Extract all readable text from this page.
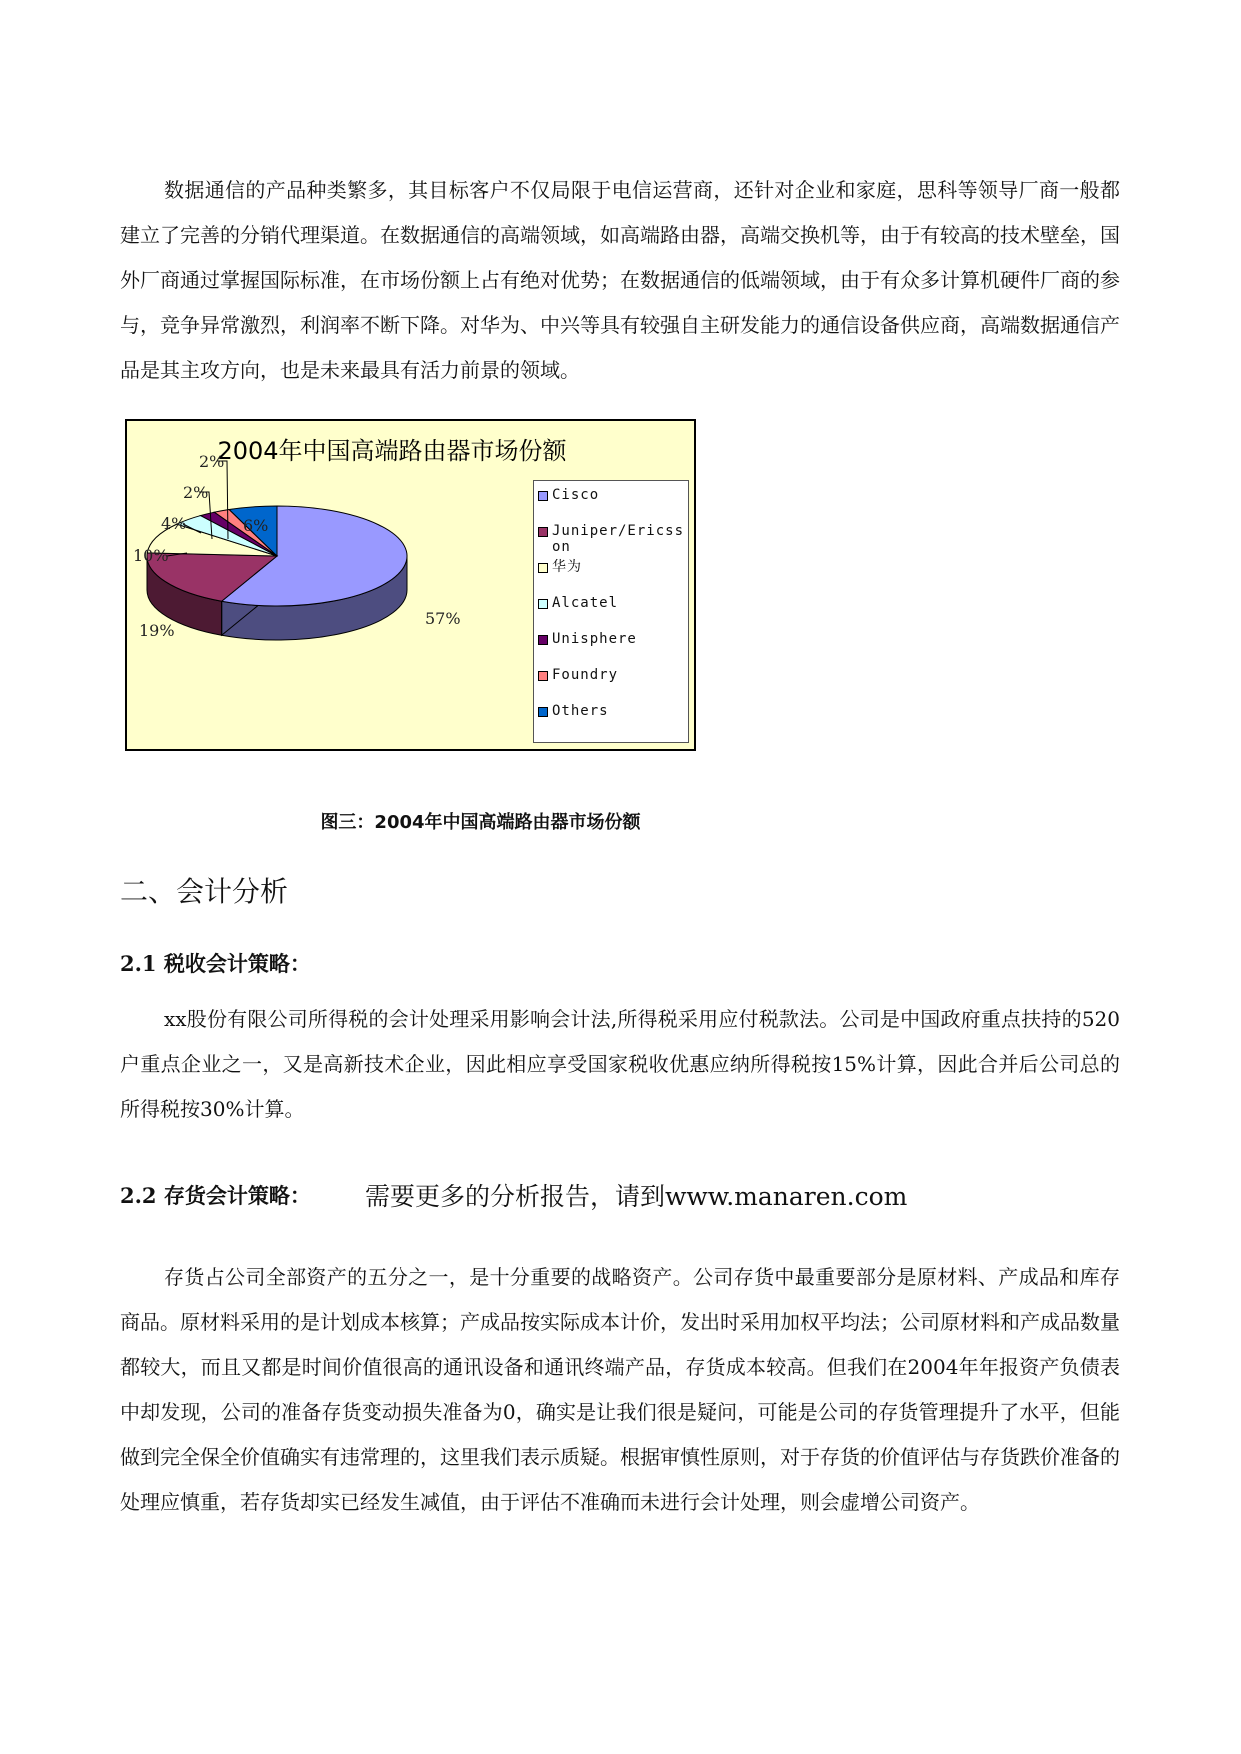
数据通信的产品种类繁多，其目标客户不仅局限于电信运营商，还针对企业和家庭，思科等领导厂商一般都建立了完善的分销代理渠道。在数据通信的高端领域，如高端路由器，高端交换机等，由于有较高的技术壁垒，国外厂商通过掌握国际标准，在市场份额上占有绝对优势；在数据通信的低端领域，由于有众多计算机硬件厂商的参与，竞争异常激烈，利润率不断下降。对华为、中兴等具有较强自主研发能力的通信设备供应商，高端数据通信产品是其主攻方向，也是未来最具有活力前景的领域。

2004年中国高端路由器市场份额
57%
19%
10%
4%
2%
2%
6%
Cisco
Juniper/Ericsson
华为
Alcatel
Unisphere
Foundry
Others
图三：2004年中国高端路由器市场份额
二、会计分析
2.1 税收会计策略：

xx股份有限公司所得税的会计处理采用影响会计法,所得税采用应付税款法。公司是中国政府重点扶持的520户重点企业之一，又是高新技术企业，因此相应享受国家税收优惠应纳所得税按15%计算，因此合并后公司总的所得税按30%计算。

2.2 存货会计策略： 需要更多的分析报告，请到www.manaren.com

存货占公司全部资产的五分之一，是十分重要的战略资产。公司存货中最重要部分是原材料、产成品和库存商品。原材料采用的是计划成本核算；产成品按实际成本计价，发出时采用加权平均法；公司原材料和产成品数量都较大，而且又都是时间价值很高的通讯设备和通讯终端产品，存货成本较高。但我们在2004年年报资产负债表中却发现，公司的准备存货变动损失准备为0，确实是让我们很是疑问，可能是公司的存货管理提升了水平，但能做到完全保全价值确实有违常理的，这里我们表示质疑。根据审慎性原则，对于存货的价值评估与存货跌价准备的处理应慎重，若存货却实已经发生减值，由于评估不准确而未进行会计处理，则会虚增公司资产。
